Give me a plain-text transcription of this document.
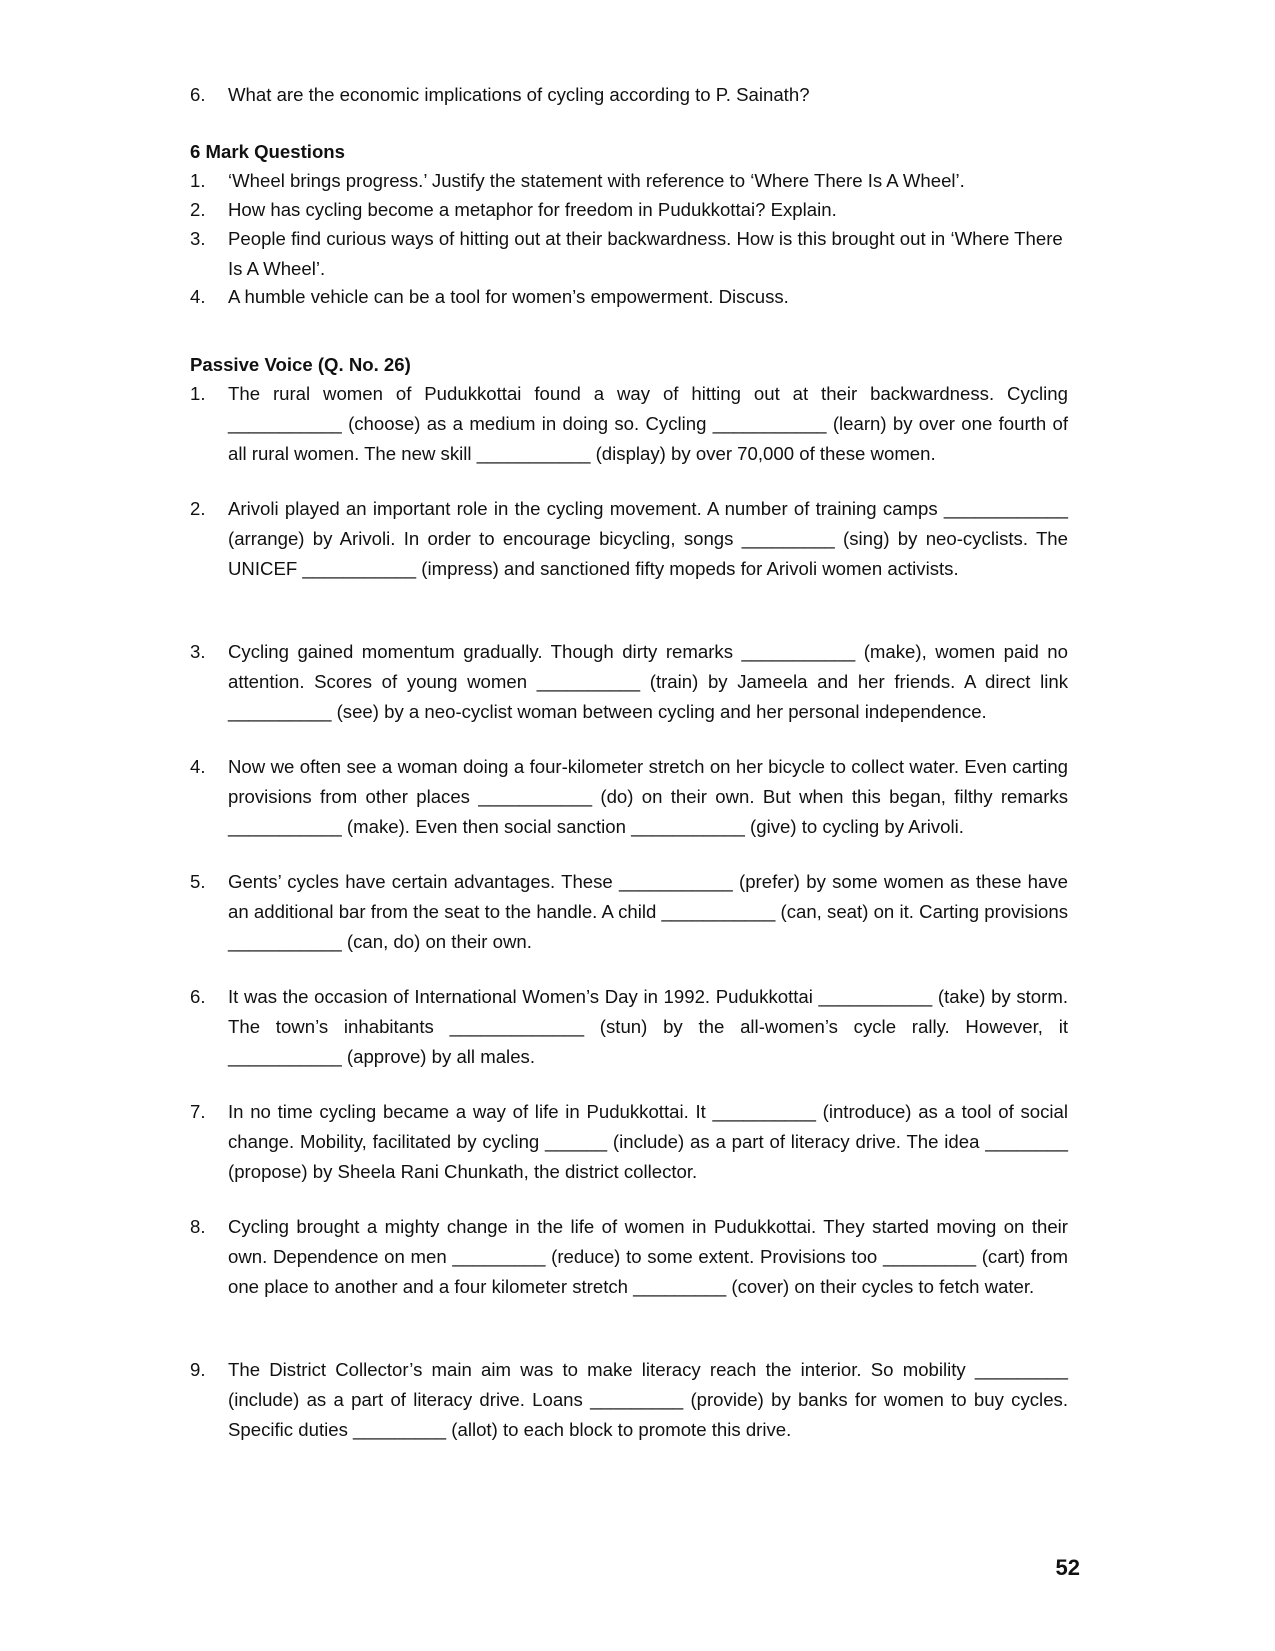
6.	What are the economic implications of cycling according to P. Sainath?

6 Mark Questions

1.	‘Wheel brings progress.’ Justify the statement with reference to ‘Where There Is A Wheel’.

2.	How has cycling become a metaphor for freedom in Pudukkottai? Explain.

3.	People find curious ways of hitting out at their backwardness. How is this brought out in ‘Where There Is A Wheel’.

4.	A humble vehicle can be a tool for women’s empowerment. Discuss.

Passive Voice (Q. No. 26)

1.	The rural women of Pudukkottai found a way of hitting out at their backwardness. Cycling ___________ (choose) as a medium in doing so. Cycling ___________ (learn) by over one fourth of all rural women. The new skill ___________ (display) by over 70,000 of these women.

2.	Arivoli played an important role in the cycling movement. A number of training camps ____________ (arrange) by Arivoli. In order to encourage bicycling, songs _________ (sing) by neo-cyclists. The UNICEF ___________ (impress) and sanctioned fifty mopeds for Arivoli women activists.

3.	Cycling gained momentum gradually. Though dirty remarks ___________ (make), women paid no attention. Scores of young women __________ (train) by Jameela and her friends. A direct link __________ (see) by a neo-cyclist woman between cycling and her personal independence.

4.	Now we often see a woman doing a four-kilometer stretch on her bicycle to collect water. Even carting provisions from other places ___________ (do) on their own. But when this began, filthy remarks ___________ (make). Even then social sanction ___________ (give) to cycling by Arivoli.

5.	Gents’ cycles have certain advantages. These ___________ (prefer) by some women as these have an additional bar from the seat to the handle. A child ___________ (can, seat) on it. Carting provisions ___________ (can, do) on their own.

6.	It was the occasion of International Women’s Day in 1992. Pudukkottai ___________ (take) by storm. The town’s inhabitants _____________ (stun) by the all-women’s cycle rally. However, it ___________ (approve) by all males.

7.	In no time cycling became a way of life in Pudukkottai. It __________ (introduce) as a tool of social change. Mobility, facilitated by cycling ______ (include) as a part of literacy drive. The idea ________ (propose) by Sheela Rani Chunkath, the district collector.

8.	Cycling brought a mighty change in the life of women in Pudukkottai. They started moving on their own. Dependence on men _________ (reduce) to some extent. Provisions too _________ (cart) from one place to another and a four kilometer stretch _________ (cover) on their cycles to fetch water.

9.	The District Collector’s main aim was to make literacy reach the interior. So mobility _________ (include) as a part of literacy drive. Loans _________ (provide) by banks for women to buy cycles. Specific duties _________ (allot) to each block to promote this drive.

52
